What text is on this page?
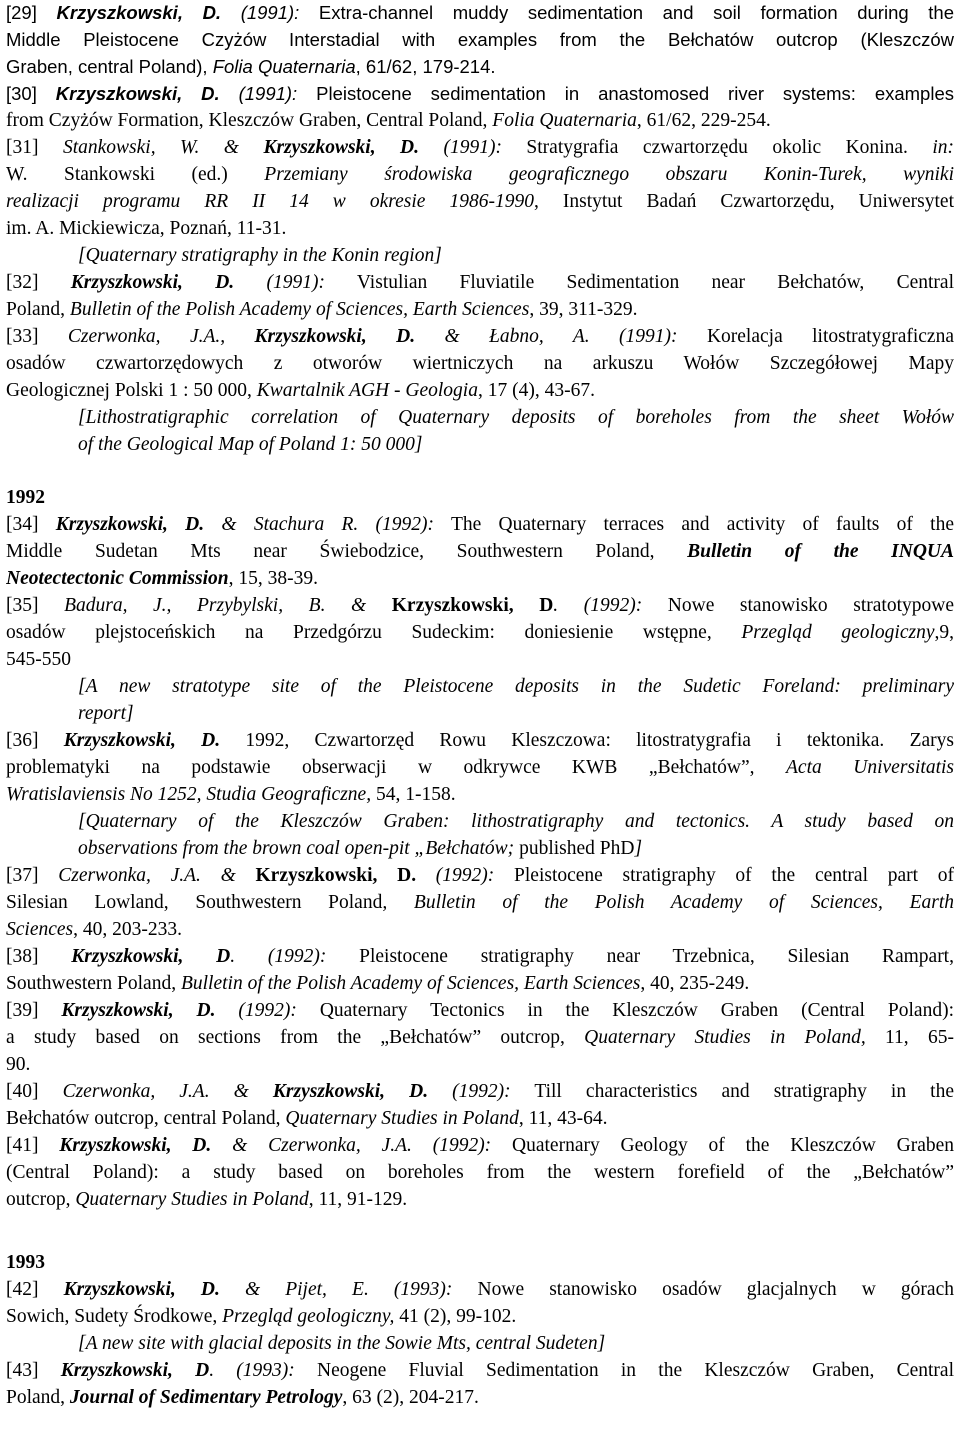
[29] Krzyszkowski, D. (1991): Extra-channel muddy sedimentation and soil formation during the
Middle Pleistocene Czyżów Interstadial with examples from the Bełchatów outcrop (Kleszczów
Graben, central Poland), Folia Quaternaria, 61/62, 179-214.
[30] Krzyszkowski, D. (1991): Pleistocene sedimentation in anastomosed river systems: examples
from Czyżów Formation, Kleszczów Graben, Central Poland, Folia Quaternaria, 61/62, 229-254.
[31] Stankowski, W. & Krzyszkowski, D. (1991): Stratygrafia czwartorzędu okolic Konina. in:
W. Stankowski (ed.) Przemiany środowiska geograficznego obszaru Konin-Turek, wyniki
realizacji programu RR II 14 w okresie 1986-1990, Instytut Badań Czwartorzędu, Uniwersytet
im. A. Mickiewicza, Poznań, 11-31.
[Quaternary stratigraphy in the Konin region]
[32] Krzyszkowski, D. (1991): Vistulian Fluviatile Sedimentation near Bełchatów, Central
Poland, Bulletin of the Polish Academy of Sciences, Earth Sciences, 39, 311-329.
[33] Czerwonka, J.A., Krzyszkowski, D. & Łabno, A. (1991): Korelacja litostratygraficzna
osadów czwartorzędowych z otworów wiertniczych na arkuszu Wołów Szczegółowej Mapy
Geologicznej Polski 1 : 50 000, Kwartalnik AGH - Geologia, 17 (4), 43-67.
[Lithostratigraphic correlation of Quaternary deposits of boreholes from the sheet Wołów
of the Geological Map of Poland 1: 50 000]
1992
[34] Krzyszkowski, D. & Stachura R. (1992): The Quaternary terraces and activity of faults of the
Middle Sudetan Mts near Świebodzice, Southwestern Poland, Bulletin of the INQUA
Neotectectonic Commission, 15, 38-39.
[35] Badura, J., Przybylski, B. & Krzyszkowski, D. (1992): Nowe stanowisko stratotypowe
osadów plejstoceńskich na Przedgórzu Sudeckim: doniesienie wstępne, Przegląd geologiczny,9,
545-550
[A new stratotype site of the Pleistocene deposits in the Sudetic Foreland: preliminary
report]
[36] Krzyszkowski, D. 1992, Czwartorzęd Rowu Kleszczowa: litostratygrafia i tektonika. Zarys
problematyki na podstawie obserwacji w odkrywce KWB „Bełchatów”, Acta Universitatis
Wratislaviensis No 1252, Studia Geograficzne, 54, 1-158.
[Quaternary of the Kleszczów Graben: lithostratigraphy and tectonics. A study based on
observations from the brown coal open-pit „Bełchatów; published PhD]
[37] Czerwonka, J.A. & Krzyszkowski, D. (1992): Pleistocene stratigraphy of the central part of
Silesian Lowland, Southwestern Poland, Bulletin of the Polish Academy of Sciences, Earth
Sciences, 40, 203-233.
[38] Krzyszkowski, D. (1992): Pleistocene stratigraphy near Trzebnica, Silesian Rampart,
Southwestern Poland, Bulletin of the Polish Academy of Sciences, Earth Sciences, 40, 235-249.
[39] Krzyszkowski, D. (1992): Quaternary Tectonics in the Kleszczów Graben (Central Poland):
a study based on sections from the „Bełchatów” outcrop, Quaternary Studies in Poland, 11, 65-
90.
[40] Czerwonka, J.A. & Krzyszkowski, D. (1992): Till characteristics and stratigraphy in the
Bełchatów outcrop, central Poland, Quaternary Studies in Poland, 11, 43-64.
[41] Krzyszkowski, D. & Czerwonka, J.A. (1992): Quaternary Geology of the Kleszczów Graben
(Central Poland): a study based on boreholes from the western forefield of the „Bełchatów”
outcrop, Quaternary Studies in Poland, 11, 91-129.
1993
[42] Krzyszkowski, D. & Pijet, E. (1993): Nowe stanowisko osadów glacjalnych w górach
Sowich, Sudety Środkowe, Przegląd geologiczny, 41 (2), 99-102.
[A new site with glacial deposits in the Sowie Mts, central Sudeten]
[43] Krzyszkowski, D. (1993): Neogene Fluvial Sedimentation in the Kleszczów Graben, Central
Poland, Journal of Sedimentary Petrology, 63 (2), 204-217.
